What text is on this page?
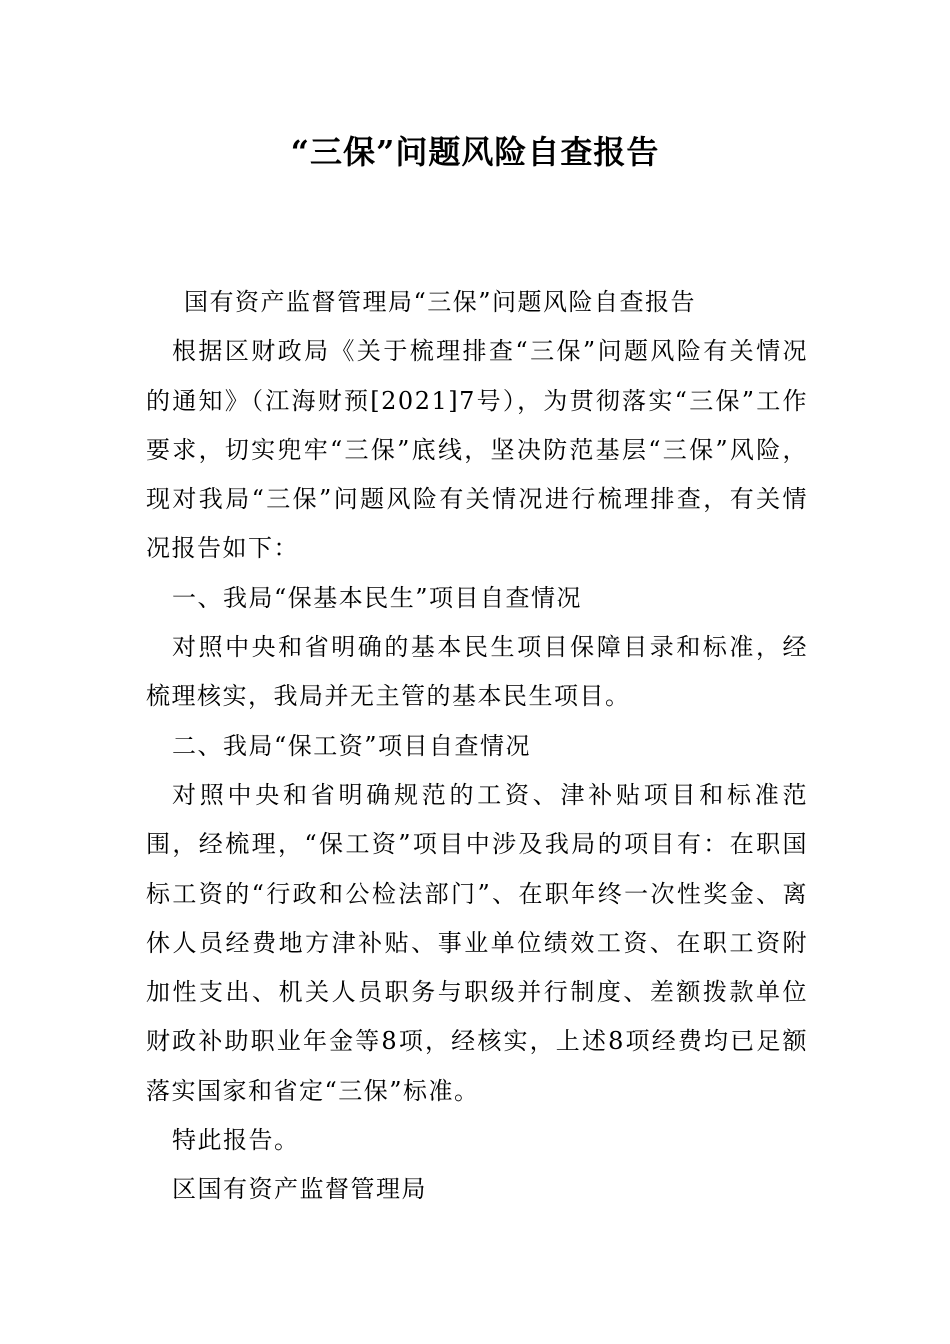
“三保”问题风险自查报告

国有资产监督管理局“三保”问题风险自查报告

根据区财政局《关于梳理排查“三保”问题风险有关情况的通知》（江海财预[2021]7号），为贯彻落实“三保”工作要求，切实兜牢“三保”底线，坚决防范基层“三保”风险，现对我局“三保”问题风险有关情况进行梳理排查，有关情况报告如下：

一、我局“保基本民生”项目自查情况

对照中央和省明确的基本民生项目保障目录和标准，经梳理核实，我局并无主管的基本民生项目。

二、我局“保工资”项目自查情况

对照中央和省明确规范的工资、津补贴项目和标准范围，经梳理，“保工资”项目中涉及我局的项目有：在职国标工资的“行政和公检法部门”、在职年终一次性奖金、离休人员经费地方津补贴、事业单位绩效工资、在职工资附加性支出、机关人员职务与职级并行制度、差额拨款单位财政补助职业年金等8项，经核实，上述8项经费均已足额落实国家和省定“三保”标准。

特此报告。

区国有资产监督管理局
